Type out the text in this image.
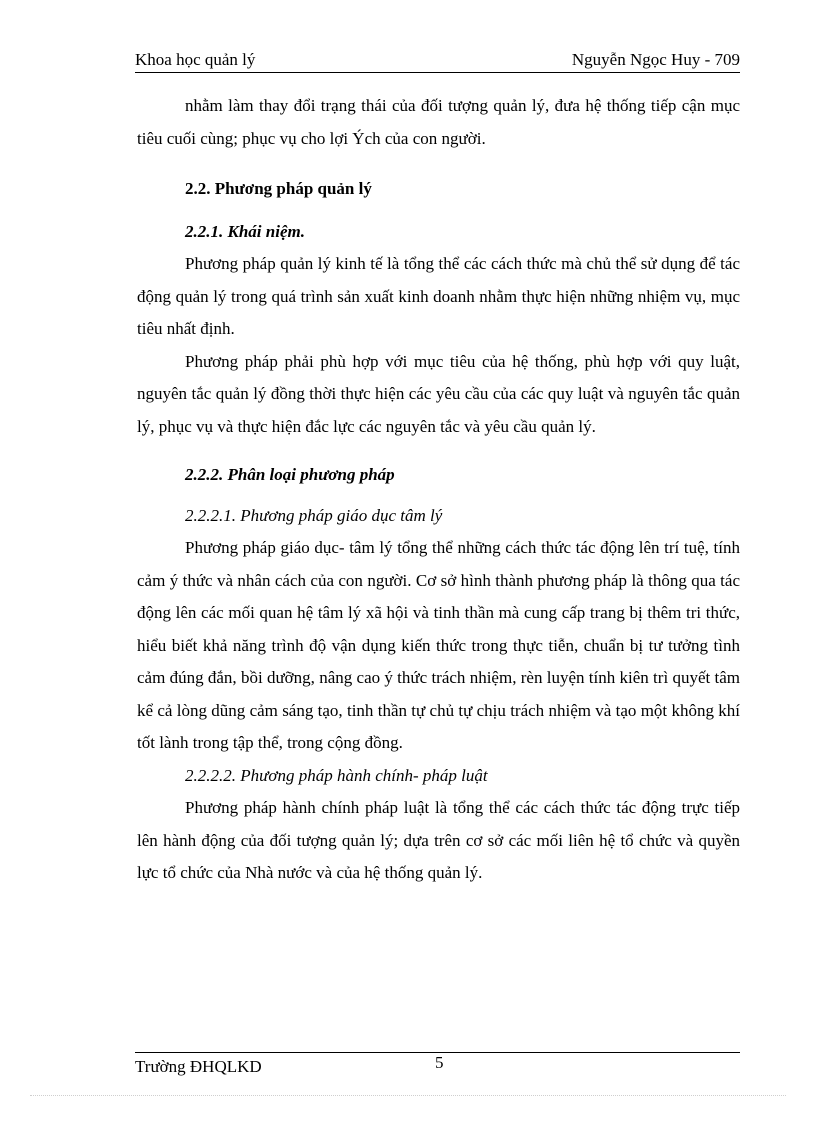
Khoa học quản lý	Nguyễn Ngọc Huy - 709

nhằm làm thay đổi trạng thái của đối tượng quản lý, đưa hệ thống tiếp cận mục tiêu cuối cùng; phục vụ cho lợi Ých của con người.

2.2. Phương pháp quản lý

2.2.1. Khái niệm.

Phương pháp quản lý kinh tế là tổng thể các cách thức mà chủ thể sử dụng để tác động quản lý trong quá trình sản xuất kinh doanh nhằm thực hiện những nhiệm vụ, mục tiêu nhất định.

Phương pháp phải phù hợp với mục tiêu của hệ thống, phù hợp với quy luật, nguyên tắc quản lý đồng thời thực hiện các yêu cầu của các quy luật và nguyên tắc quản lý, phục vụ và thực hiện đắc lực các nguyên tắc và yêu cầu quản lý.

2.2.2. Phân loại phương pháp

2.2.2.1. Phương pháp giáo dục tâm lý

Phương pháp giáo dục- tâm lý tổng thể những cách thức tác động lên trí tuệ, tính cảm ý thức và nhân cách của con người. Cơ sở hình thành phương pháp là thông qua tác động lên các mối quan hệ tâm lý xã hội và tinh thần mà cung cấp trang bị thêm tri thức, hiểu biết khả năng trình độ vận dụng kiến thức trong thực tiễn, chuẩn bị tư tưởng tình cảm đúng đắn, bồi dưỡng, nâng cao ý thức trách nhiệm, rèn luyện tính kiên trì quyết tâm kể cả lòng dũng cảm sáng tạo, tinh thần tự chủ tự chịu trách nhiệm và tạo một không khí tốt lành trong tập thể, trong cộng đồng.

2.2.2.2. Phương pháp hành chính- pháp luật

Phương pháp hành chính pháp luật là tổng thể các cách thức tác động trực tiếp lên hành động của đối tượng quản lý; dựa trên cơ sở các mối liên hệ tổ chức và quyền lực tổ chức của Nhà nước và của hệ thống quản lý.

Trường ĐHQLKD	5
